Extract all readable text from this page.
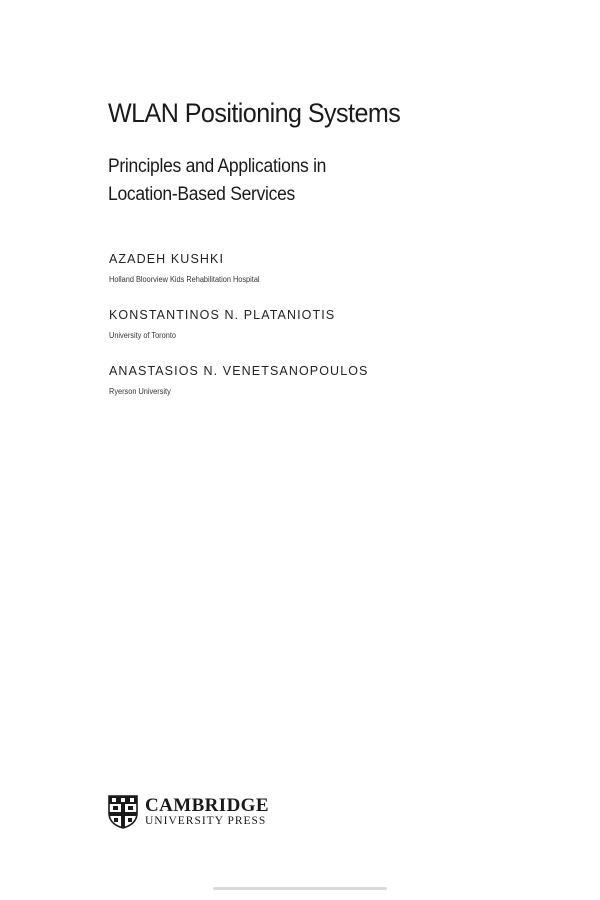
WLAN Positioning Systems
Principles and Applications in
Location-Based Services
AZADEH KUSHKI
Holland Bloorview Kids Rehabilitation Hospital
KONSTANTINOS N. PLATANIOTIS
University of Toronto
ANASTASIOS N. VENETSANOPOULOS
Ryerson University
CAMBRIDGE
UNIVERSITY PRESS
